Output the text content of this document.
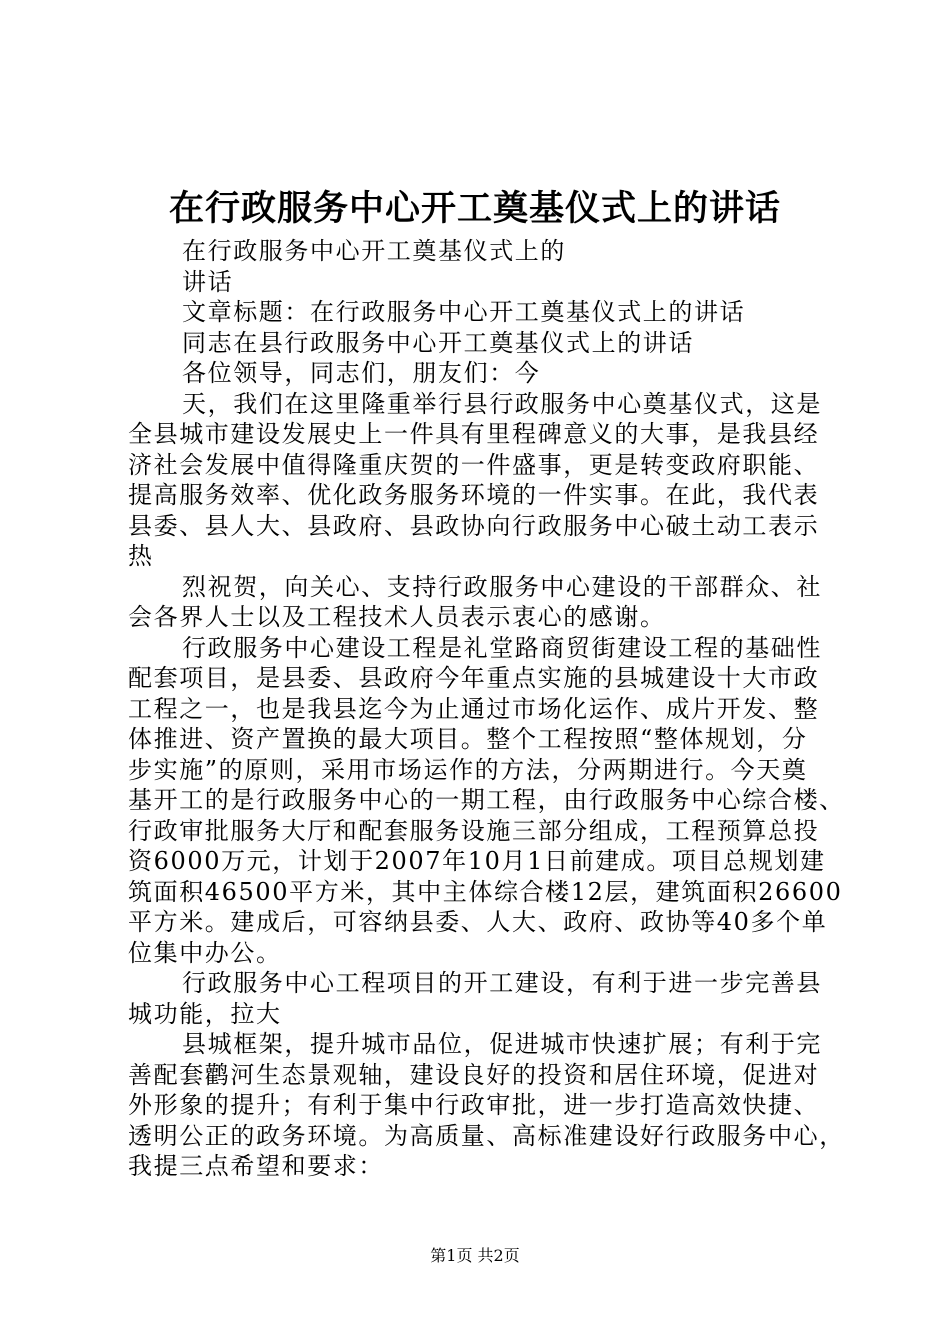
在行政服务中心开工奠基仪式上的讲话
在行政服务中心开工奠基仪式上的
讲话
文章标题：在行政服务中心开工奠基仪式上的讲话
同志在县行政服务中心开工奠基仪式上的讲话
各位领导，同志们，朋友们：今
天，我们在这里隆重举行县行政服务中心奠基仪式，这是
全县城市建设发展史上一件具有里程碑意义的大事，是我县经
济社会发展中值得隆重庆贺的一件盛事，更是转变政府职能、
提高服务效率、优化政务服务环境的一件实事。在此，我代表
县委、县人大、县政府、县政协向行政服务中心破土动工表示
热
烈祝贺，向关心、支持行政服务中心建设的干部群众、社
会各界人士以及工程技术人员表示衷心的感谢。
行政服务中心建设工程是礼堂路商贸街建设工程的基础性
配套项目，是县委、县政府今年重点实施的县城建设十大市政
工程之一，也是我县迄今为止通过市场化运作、成片开发、整
体推进、资产置换的最大项目。整个工程按照“整体规划，分
步实施”的原则，采用市场运作的方法，分两期进行。今天奠
基开工的是行政服务中心的一期工程，由行政服务中心综合楼、
行政审批服务大厅和配套服务设施三部分组成，工程预算总投
资6000万元，计划于2007年10月1日前建成。项目总规划建
筑面积46500平方米，其中主体综合楼12层，建筑面积26600
平方米。建成后，可容纳县委、人大、政府、政协等40多个单
位集中办公。
行政服务中心工程项目的开工建设，有利于进一步完善县
城功能，拉大
县城框架，提升城市品位，促进城市快速扩展；有利于完
善配套鹳河生态景观轴，建设良好的投资和居住环境，促进对
外形象的提升；有利于集中行政审批，进一步打造高效快捷、
透明公正的政务环境。为高质量、高标准建设好行政服务中心，
我提三点希望和要求：
第1页 共2页
